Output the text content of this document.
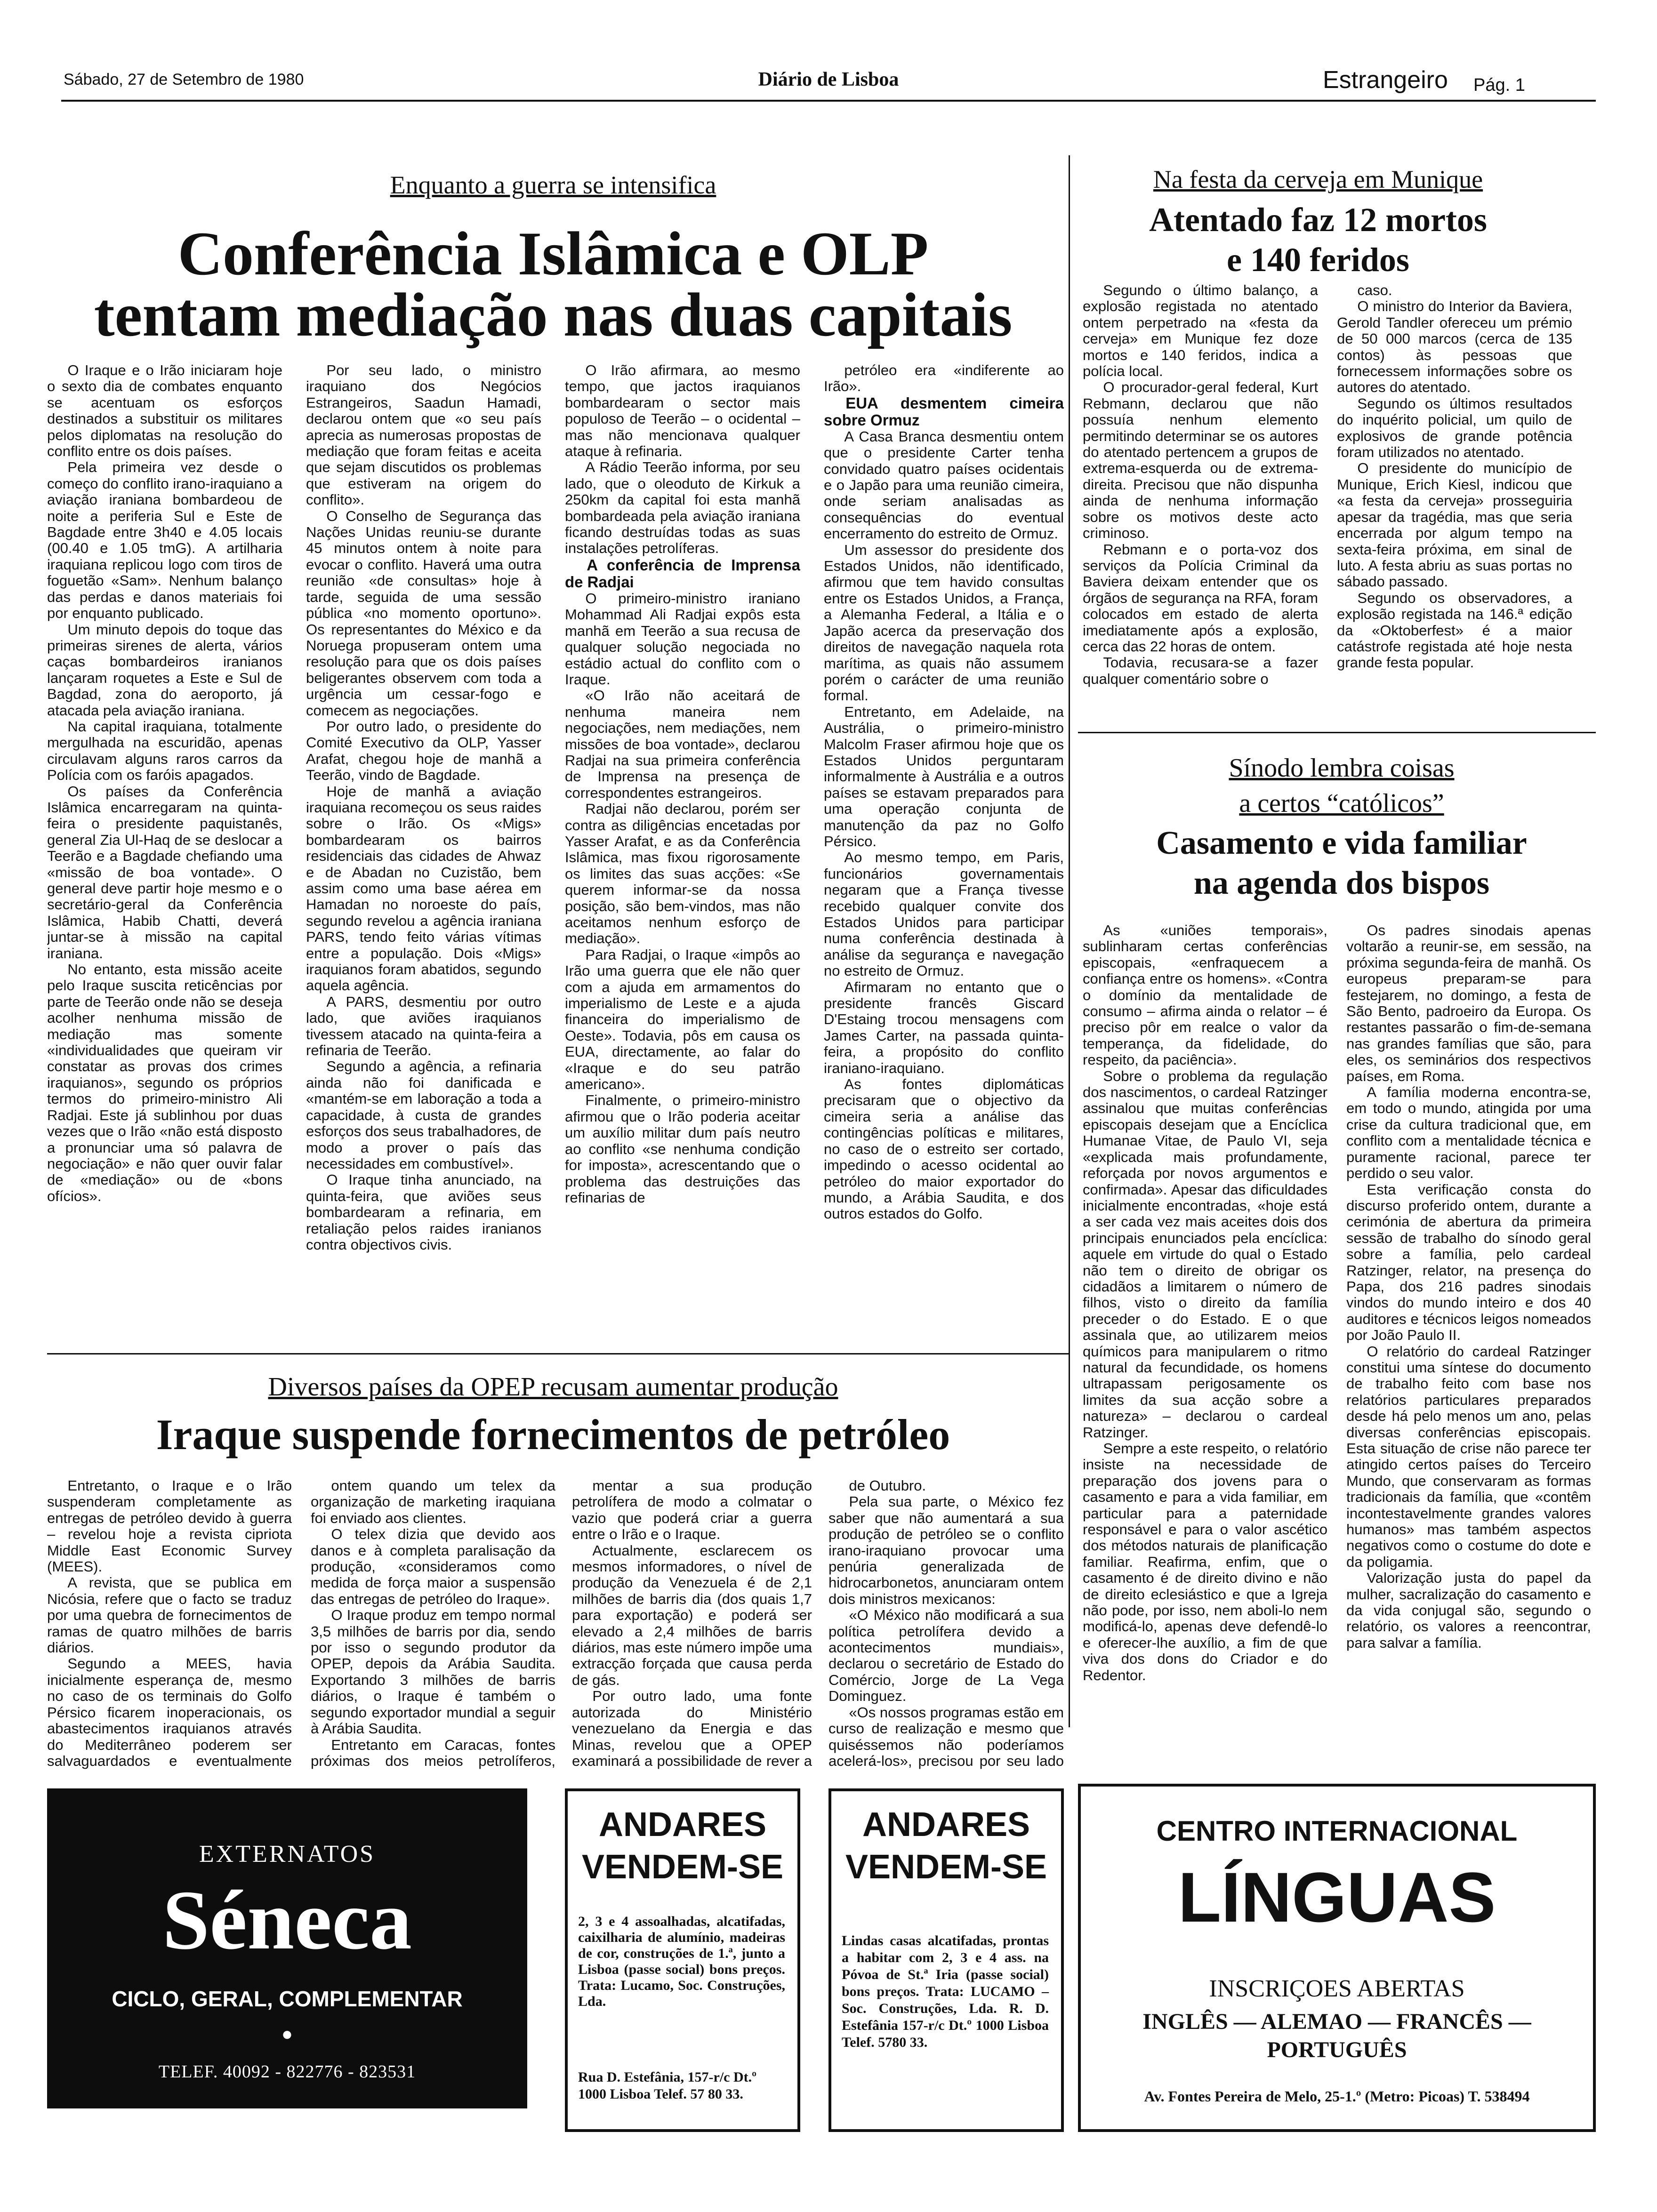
Sábado, 27 de Setembro de 1980	Diário de Lisboa	Estrangeiro Pág. 1
Enquanto a guerra se intensifica
Conferência Islâmica e OLP
tentam mediação nas duas capitais

O Iraque e o Irão iniciaram hoje o sexto dia de combates enquanto se acentuam os esforços destinados a substituir os militares pelos diplomatas na resolução do conflito entre os dois países.

Pela primeira vez desde o começo do conflito irano-iraquiano a aviação iraniana bombardeou de noite a periferia Sul e Este de Bagdade entre 3h40 e 4.05 locais (00.40 e 1.05 tmG). A artilharia iraquiana replicou logo com tiros de foguetão «Sam». Nenhum balanço das perdas e danos materiais foi por enquanto publicado.

Um minuto depois do toque das primeiras sirenes de alerta, vários caças bombardeiros iranianos lançaram roquetes a Este e Sul de Bagdad, zona do aeroporto, já atacada pela aviação iraniana.

Na capital iraquiana, totalmente mergulhada na escuridão, apenas circulavam alguns raros carros da Polícia com os faróis apagados.

Os países da Conferência Islâmica encarregaram na quinta-feira o presidente paquistanês, general Zia Ul-Haq de se deslocar a Teerão e a Bagdade chefiando uma «missão de boa vontade». O general deve partir hoje mesmo e o secretário-geral da Conferência Islâmica, Habib Chatti, deverá juntar-se à missão na capital iraniana.

No entanto, esta missão aceite pelo Iraque suscita reticências por parte de Teerão onde não se deseja acolher nenhuma missão de mediação mas somente «individualidades que queiram vir constatar as provas dos crimes iraquianos», segundo os próprios termos do primeiro-ministro Ali Radjai. Este já sublinhou por duas vezes que o Irão «não está disposto a pronunciar uma só palavra de negociação» e não quer ouvir falar de «mediação» ou de «bons ofícios».

Por seu lado, o ministro iraquiano dos Negócios Estrangeiros, Saadun Hamadi, declarou ontem que «o seu país aprecia as numerosas propostas de mediação que foram feitas e aceita que sejam discutidos os problemas que estiveram na origem do conflito».

O Conselho de Segurança das Nações Unidas reuniu-se durante 45 minutos ontem à noite para evocar o conflito. Haverá uma outra reunião «de consultas» hoje à tarde, seguida de uma sessão pública «no momento oportuno». Os representantes do México e da Noruega propuseram ontem uma resolução para que os dois países beligerantes observem com toda a urgência um cessar-fogo e comecem as negociações.

Por outro lado, o presidente do Comité Executivo da OLP, Yasser Arafat, chegou hoje de manhã a Teerão, vindo de Bagdade.

Hoje de manhã a aviação iraquiana recomeçou os seus raides sobre o Irão. Os «Migs» bombardearam os bairros residenciais das cidades de Ahwaz e de Abadan no Cuzistão, bem assim como uma base aérea em Hamadan no noroeste do país, segundo revelou a agência iraniana PARS, tendo feito várias vítimas entre a população. Dois «Migs» iraquianos foram abatidos, segundo aquela agência.

A PARS, desmentiu por outro lado, que aviões iraquianos tivessem atacado na quinta-feira a refinaria de Teerão.

Segundo a agência, a refinaria ainda não foi danificada e «mantém-se em laboração a toda a capacidade, à custa de grandes esforços dos seus trabalhadores, de modo a prover o país das necessidades em combustível».

O Iraque tinha anunciado, na quinta-feira, que aviões seus bombardearam a refinaria, em retaliação pelos raides iranianos contra objectivos civis.

O Irão afirmara, ao mesmo tempo, que jactos iraquianos bombardearam o sector mais populoso de Teerão – o ocidental – mas não mencionava qualquer ataque à refinaria.

A Rádio Teerão informa, por seu lado, que o oleoduto de Kirkuk a 250km da capital foi esta manhã bombardeada pela aviação iraniana ficando destruídas todas as suas instalações petrolíferas.

A conferência de Imprensa de Radjai

O primeiro-ministro iraniano Mohammad Ali Radjai expôs esta manhã em Teerão a sua recusa de qualquer solução negociada no estádio actual do conflito com o Iraque.

«O Irão não aceitará de nenhuma maneira nem negociações, nem mediações, nem missões de boa vontade», declarou Radjai na sua primeira conferência de Imprensa na presença de correspondentes estrangeiros.

Radjai não declarou, porém ser contra as diligências encetadas por Yasser Arafat, e as da Conferência Islâmica, mas fixou rigorosamente os limites das suas acções: «Se querem informar-se da nossa posição, são bem-vindos, mas não aceitamos nenhum esforço de mediação».

Para Radjai, o Iraque «impôs ao Irão uma guerra que ele não quer com a ajuda em armamentos do imperialismo de Leste e a ajuda financeira do imperialismo de Oeste». Todavia, pôs em causa os EUA, directamente, ao falar do «Iraque e do seu patrão americano».

Finalmente, o primeiro-ministro afirmou que o Irão poderia aceitar um auxílio militar dum país neutro ao conflito «se nenhuma condição for imposta», acrescentando que o problema das destruições das refinarias de

petróleo era «indiferente ao Irão».

EUA desmentem cimeira sobre Ormuz

A Casa Branca desmentiu ontem que o presidente Carter tenha convidado quatro países ocidentais e o Japão para uma reunião cimeira, onde seriam analisadas as consequências do eventual encerramento do estreito de Ormuz.

Um assessor do presidente dos Estados Unidos, não identificado, afirmou que tem havido consultas entre os Estados Unidos, a França, a Alemanha Federal, a Itália e o Japão acerca da preservação dos direitos de navegação naquela rota marítima, as quais não assumem porém o carácter de uma reunião formal.

Entretanto, em Adelaide, na Austrália, o primeiro-ministro Malcolm Fraser afirmou hoje que os Estados Unidos perguntaram informalmente à Austrália e a outros países se estavam preparados para uma operação conjunta de manutenção da paz no Golfo Pérsico.

Ao mesmo tempo, em Paris, funcionários governamentais negaram que a França tivesse recebido qualquer convite dos Estados Unidos para participar numa conferência destinada à análise da segurança e navegação no estreito de Ormuz.

Afirmaram no entanto que o presidente francês Giscard D'Estaing trocou mensagens com James Carter, na passada quinta-feira, a propósito do conflito iraniano-iraquiano.

As fontes diplomáticas precisaram que o objectivo da cimeira seria a análise das contingências políticas e militares, no caso de o estreito ser cortado, impedindo o acesso ocidental ao petróleo do maior exportador do mundo, a Arábia Saudita, e dos outros estados do Golfo.

Na festa da cerveja em Munique
Atentado faz 12 mortos
e 140 feridos

Segundo o último balanço, a explosão registada no atentado ontem perpetrado na «festa da cerveja» em Munique fez doze mortos e 140 feridos, indica a polícia local.

O procurador-geral federal, Kurt Rebmann, declarou que não possuía nenhum elemento permitindo determinar se os autores do atentado pertencem a grupos de extrema-esquerda ou de extrema-direita. Precisou que não dispunha ainda de nenhuma informação sobre os motivos deste acto criminoso.

Rebmann e o porta-voz dos serviços da Polícia Criminal da Baviera deixam entender que os órgãos de segurança na RFA, foram colocados em estado de alerta imediatamente após a explosão, cerca das 22 horas de ontem.

Todavia, recusara-se a fazer qualquer comentário sobre o

caso.

O ministro do Interior da Baviera, Gerold Tandler ofereceu um prémio de 50 000 marcos (cerca de 135 contos) às pessoas que fornecessem informações sobre os autores do atentado.

Segundo os últimos resultados do inquérito policial, um quilo de explosivos de grande potência foram utilizados no atentado.

O presidente do município de Munique, Erich Kiesl, indicou que «a festa da cerveja» prosseguiria apesar da tragédia, mas que seria encerrada por algum tempo na sexta-feira próxima, em sinal de luto. A festa abriu as suas portas no sábado passado.

Segundo os observadores, a explosão registada na 146.ª edição da «Oktoberfest» é a maior catástrofe registada até hoje nesta grande festa popular.

Sínodo lembra coisas
a certos “católicos”
Casamento e vida familiar
na agenda dos bispos

As «uniões temporais», sublinharam certas conferências episcopais, «enfraquecem a confiança entre os homens». «Contra o domínio da mentalidade de consumo – afirma ainda o relator – é preciso pôr em realce o valor da temperança, da fidelidade, do respeito, da paciência».

Sobre o problema da regulação dos nascimentos, o cardeal Ratzinger assinalou que muitas conferências episcopais desejam que a Encíclica Humanae Vitae, de Paulo VI, seja «explicada mais profundamente, reforçada por novos argumentos e confirmada». Apesar das dificuldades inicialmente encontradas, «hoje está a ser cada vez mais aceites dois dos principais enunciados pela encíclica: aquele em virtude do qual o Estado não tem o direito de obrigar os cidadãos a limitarem o número de filhos, visto o direito da família preceder o do Estado. E o que assinala que, ao utilizarem meios químicos para manipularem o ritmo natural da fecundidade, os homens ultrapassam perigosamente os limites da sua acção sobre a natureza» – declarou o cardeal Ratzinger.

Sempre a este respeito, o relatório insiste na necessidade de preparação dos jovens para o casamento e para a vida familiar, em particular para a paternidade responsável e para o valor ascético dos métodos naturais de planificação familiar. Reafirma, enfim, que o casamento é de direito divino e não de direito eclesiástico e que a Igreja não pode, por isso, nem aboli-lo nem modificá-lo, apenas deve defendê-lo e oferecer-lhe auxílio, a fim de que viva dos dons do Criador e do Redentor.

Os padres sinodais apenas voltarão a reunir-se, em sessão, na próxima segunda-feira de manhã. Os europeus preparam-se para festejarem, no domingo, a festa de São Bento, padroeiro da Europa. Os restantes passarão o fim-de-semana nas grandes famílias que são, para eles, os seminários dos respectivos países, em Roma.

A família moderna encontra-se, em todo o mundo, atingida por uma crise da cultura tradicional que, em conflito com a mentalidade técnica e puramente racional, parece ter perdido o seu valor.

Esta verificação consta do discurso proferido ontem, durante a cerimónia de abertura da primeira sessão de trabalho do sínodo geral sobre a família, pelo cardeal Ratzinger, relator, na presença do Papa, dos 216 padres sinodais vindos do mundo inteiro e dos 40 auditores e técnicos leigos nomeados por João Paulo II.

O relatório do cardeal Ratzinger constitui uma síntese do documento de trabalho feito com base nos relatórios particulares preparados desde há pelo menos um ano, pelas diversas conferências episcopais. Esta situação de crise não parece ter atingido certos países do Terceiro Mundo, que conservaram as formas tradicionais da família, que «contêm incontestavelmente grandes valores humanos» mas também aspectos negativos como o costume do dote e da poligamia.

Valorização justa do papel da mulher, sacralização do casamento e da vida conjugal são, segundo o relatório, os valores a reencontrar, para salvar a família.

Diversos países da OPEP recusam aumentar produção
Iraque suspende fornecimentos de petróleo

Entretanto, o Iraque e o Irão suspenderam completamente as entregas de petróleo devido à guerra – revelou hoje a revista cipriota Middle East Economic Survey (MEES).

A revista, que se publica em Nicósia, refere que o facto se traduz por uma quebra de fornecimentos de ramas de quatro milhões de barris diários.

Segundo a MEES, havia inicialmente esperança de, mesmo no caso de os terminais do Golfo Pérsico ficarem inoperacionais, os abastecimentos iraquianos através do Mediterrâneo poderem ser salvaguardados e eventualmente

ontem quando um telex da organização de marketing iraquiana foi enviado aos clientes.

O telex dizia que devido aos danos e à completa paralisação da produção, «consideramos como medida de força maior a suspensão das entregas de petróleo do Iraque».

O Iraque produz em tempo normal 3,5 milhões de barris por dia, sendo por isso o segundo produtor da OPEP, depois da Arábia Saudita. Exportando 3 milhões de barris diários, o Iraque é também o segundo exportador mundial a seguir à Arábia Saudita.

Entretanto em Caracas, fontes próximas dos meios petrolíferos,

mentar a sua produção petrolífera de modo a colmatar o vazio que poderá criar a guerra entre o Irão e o Iraque.

Actualmente, esclarecem os mesmos informadores, o nível de produção da Venezuela é de 2,1 milhões de barris dia (dos quais 1,7 para exportação) e poderá ser elevado a 2,4 milhões de barris diários, mas este número impõe uma extracção forçada que causa perda de gás.

Por outro lado, uma fonte autorizada do Ministério venezuelano da Energia e das Minas, revelou que a OPEP examinará a possibilidade de rever a

de Outubro.

Pela sua parte, o México fez saber que não aumentará a sua produção de petróleo se o conflito irano-iraquiano provocar uma penúria generalizada de hidrocarbonetos, anunciaram ontem dois ministros mexicanos:

«O México não modificará a sua política petrolífera devido a acontecimentos mundiais», declarou o secretário de Estado do Comércio, Jorge de La Vega Dominguez.

«Os nossos programas estão em curso de realização e mesmo que quiséssemos não poderíamos acelerá-los», precisou por seu lado

EXTERNATOS
Séneca
CICLO, GERAL, COMPLEMENTAR
●
TELEF. 40092 - 822776 - 823531
ANDARES
VENDEM-SE
2, 3 e 4 assoalhadas, alcatifadas, caixilharia de alumínio, madeiras de cor, construções de 1.ª, junto a Lisboa (passe social) bons preços. Trata: Lucamo, Soc. Construções, Lda.
Rua D. Estefânia, 157-r/c Dt.º 1000 Lisboa Telef. 57 80 33.
ANDARES
VENDEM-SE
Lindas casas alcatifadas, prontas a habitar com 2, 3 e 4 ass. na Póvoa de St.ª Iria (passe social) bons preços. Trata: LUCAMO – Soc. Construções, Lda. R. D. Estefânia 157-r/c Dt.º 1000 Lisboa Telef. 5780 33.
CENTRO INTERNACIONAL
LÍNGUAS
INSCRIÇOES ABERTAS
INGLÊS — ALEMAO — FRANCÊS — PORTUGUÊS
Av. Fontes Pereira de Melo, 25-1.º (Metro: Picoas) T. 538494
